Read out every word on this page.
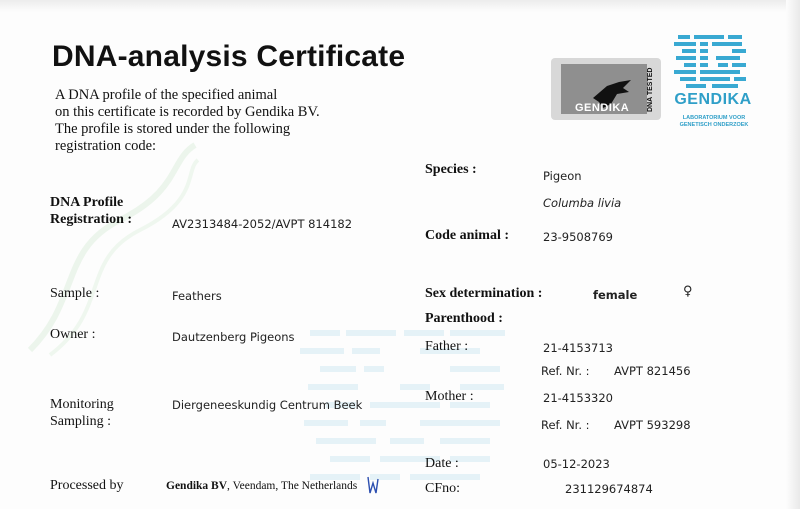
DNA-analysis Certificate
A DNA profile of the specified animal
on this certificate is recorded by Gendika BV.
The profile is stored under the following
registration code:
GENDIKA	DNA TESTED GENDIKA
LABORATORIUM VOOR
GENETISCH ONDERZOEK
DNA Profile
Registration :	AV2313484-2052/AVPT 814182
Sample :	Feathers
Owner :	Dautzenberg Pigeons
Monitoring
Sampling :
Diergeneeskundig Centrum Beek
Processed by	Gendika BV, Veendam, The Netherlands
Species :	Pigeon
Columba livia
Code animal :	23-9508769
Sex determination :	female	♀
Parenthood :
Father :	21-4153713
Ref. Nr. : AVPT 821456
Mother :	21-4153320
Ref. Nr. : AVPT 593298
Date :	05-12-2023
CFno:	231129674874
